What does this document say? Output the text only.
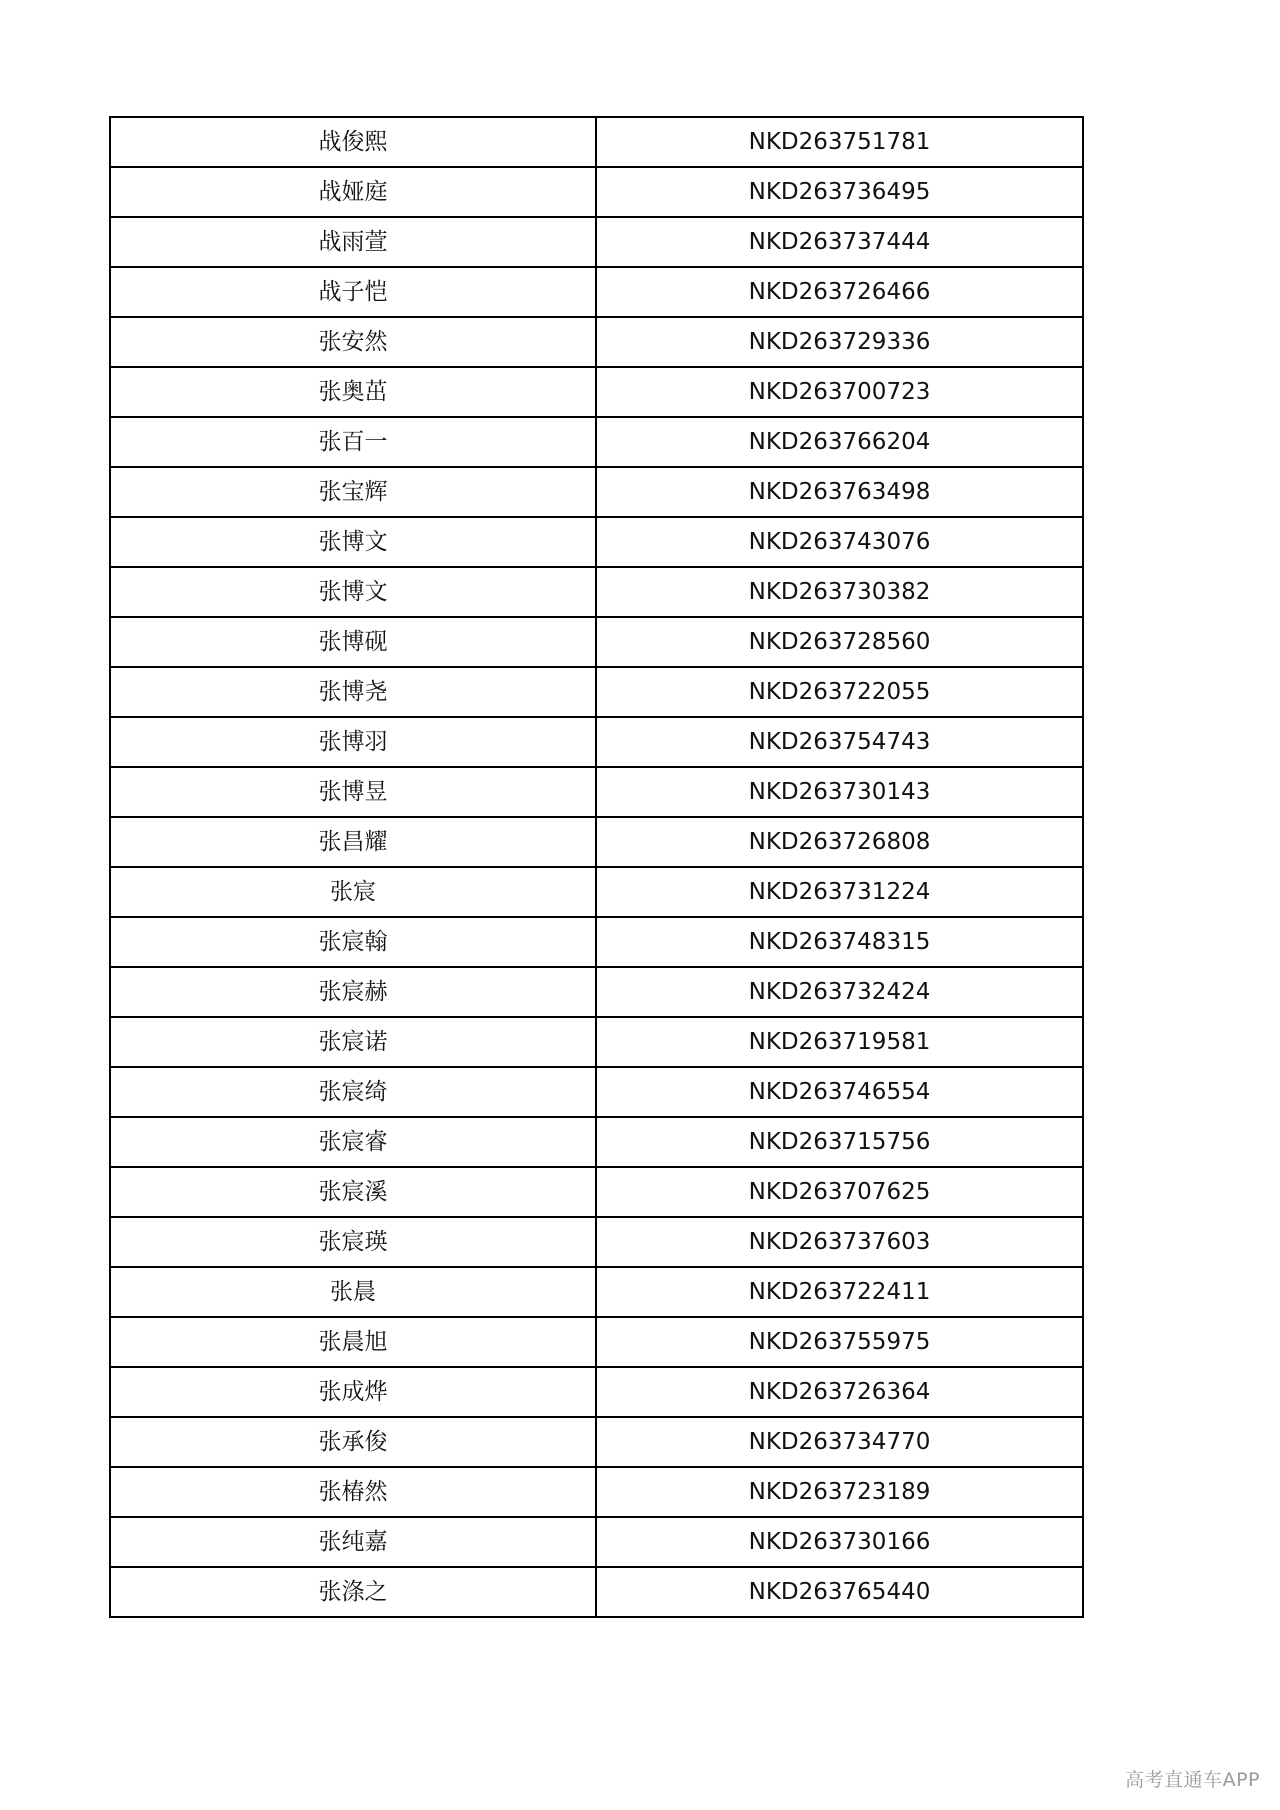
战俊熙	NKD263751781
战娅庭	NKD263736495
战雨萱	NKD263737444
战子恺	NKD263726466
张安然	NKD263729336
张奥茁	NKD263700723
张百一	NKD263766204
张宝辉	NKD263763498
张博文	NKD263743076
张博文	NKD263730382
张博砚	NKD263728560
张博尧	NKD263722055
张博羽	NKD263754743
张博昱	NKD263730143
张昌耀	NKD263726808
张宸	NKD263731224
张宸翰	NKD263748315
张宸赫	NKD263732424
张宸诺	NKD263719581
张宸绮	NKD263746554
张宸睿	NKD263715756
张宸溪	NKD263707625
张宸瑛	NKD263737603
张晨	NKD263722411
张晨旭	NKD263755975
张成烨	NKD263726364
张承俊	NKD263734770
张椿然	NKD263723189
张纯嘉	NKD263730166
张涤之	NKD263765440
高考直通车APP
